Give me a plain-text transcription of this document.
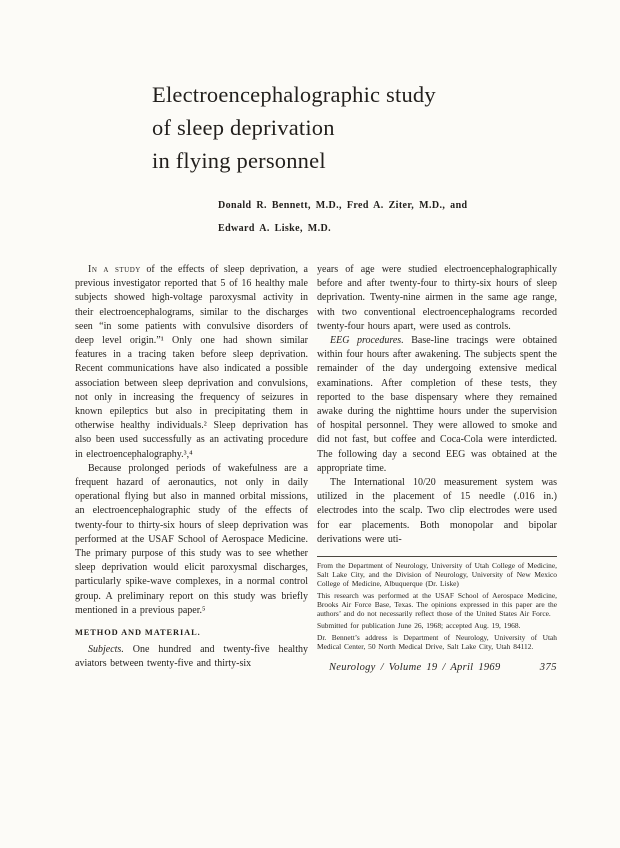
Electroencephalographic study
of sleep deprivation
in flying personnel
Donald R. Bennett, M.D., Fred A. Ziter, M.D., and
Edward A. Liske, M.D.

In a study of the effects of sleep deprivation, a previous investigator reported that 5 of 16 healthy male subjects showed high-voltage paroxysmal activity in their electroencephalograms, similar to the discharges seen “in some patients with convulsive disorders of deep level origin.”¹ Only one had shown similar features in a tracing taken before sleep deprivation. Recent communications have also indicated a possible association between sleep deprivation and convulsions, not only in increasing the frequency of seizures in known epileptics but also in precipitating them in otherwise healthy individuals.² Sleep deprivation has also been used successfully as an activating procedure in electroencephalography.³,⁴

Because prolonged periods of wakefulness are a frequent hazard of aeronautics, not only in daily operational flying but also in manned orbital missions, an electroencephalographic study of the effects of twenty-four to thirty-six hours of sleep deprivation was performed at the USAF School of Aerospace Medicine. The primary purpose of this study was to see whether sleep deprivation would elicit paroxysmal discharges, particularly spike-wave complexes, in a normal control group. A preliminary report on this study was briefly mentioned in a previous paper.⁵

METHOD AND MATERIAL.

Subjects. One hundred and twenty-five healthy aviators between twenty-five and thirty-six

years of age were studied electroencephalographically before and after twenty-four to thirty-six hours of sleep deprivation. Twenty-nine airmen in the same age range, with two conventional electroencephalograms recorded twenty-four hours apart, were used as controls.

EEG procedures. Base-line tracings were obtained within four hours after awakening. The subjects spent the remainder of the day undergoing extensive medical examinations. After completion of these tests, they reported to the base dispensary where they remained awake during the nighttime hours under the supervision of hospital personnel. They were allowed to smoke and did not fast, but coffee and Coca-Cola were interdicted. The following day a second EEG was obtained at the appropriate time.

The International 10/20 measurement system was utilized in the placement of 15 needle (.016 in.) electrodes into the scalp. Two clip electrodes were used for ear placements. Both monopolar and bipolar derivations were uti-

From the Department of Neurology, University of Utah College of Medicine, Salt Lake City, and the Division of Neurology, University of New Mexico College of Medicine, Albuquerque (Dr. Liske)

This research was performed at the USAF School of Aerospace Medicine, Brooks Air Force Base, Texas. The opinions expressed in this paper are the authors’ and do not necessarily reflect those of the United States Air Force.

Submitted for publication June 26, 1968; accepted Aug. 19, 1968.

Dr. Bennett’s address is Department of Neurology, University of Utah Medical Center, 50 North Medical Drive, Salt Lake City, Utah 84112.

Neurology / Volume 19 / April 1969	375
